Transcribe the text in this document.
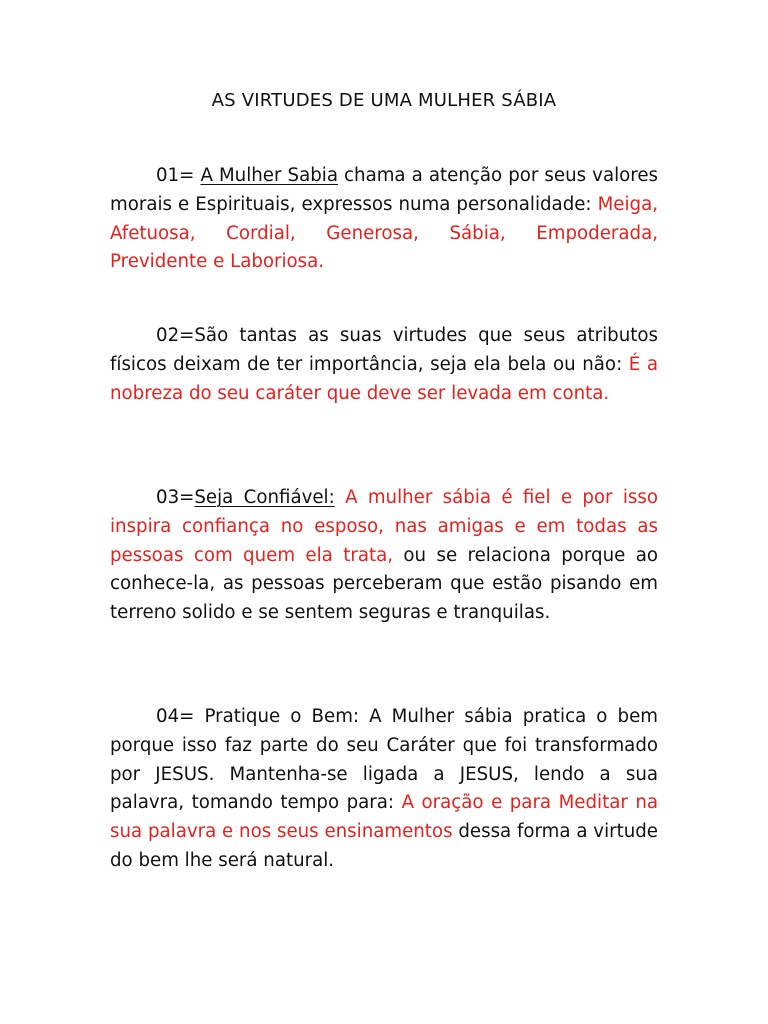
AS VIRTUDES DE UMA MULHER SÁBIA

01= A Mulher Sabia chama a atenção por seus valores morais e Espirituais, expressos numa personalidade: Meiga, Afetuosa, Cordial, Generosa, Sábia, Empoderada, Previdente e Laboriosa.

02=São tantas as suas virtudes que seus atributos físicos deixam de ter importância, seja ela bela ou não: É a nobreza do seu caráter que deve ser levada em conta.

03=Seja Confiável: A mulher sábia é fiel e por isso inspira confiança no esposo, nas amigas e em todas as pessoas com quem ela trata, ou se relaciona porque ao conhece-la, as pessoas perceberam que estão pisando em terreno solido e se sentem seguras e tranquilas.

04= Pratique o Bem: A Mulher sábia pratica o bem porque isso faz parte do seu Caráter que foi transformado por JESUS. Mantenha-se ligada a JESUS, lendo a sua palavra, tomando tempo para: A oração e para Meditar na sua palavra e nos seus ensinamentos dessa forma a virtude do bem lhe será natural.
